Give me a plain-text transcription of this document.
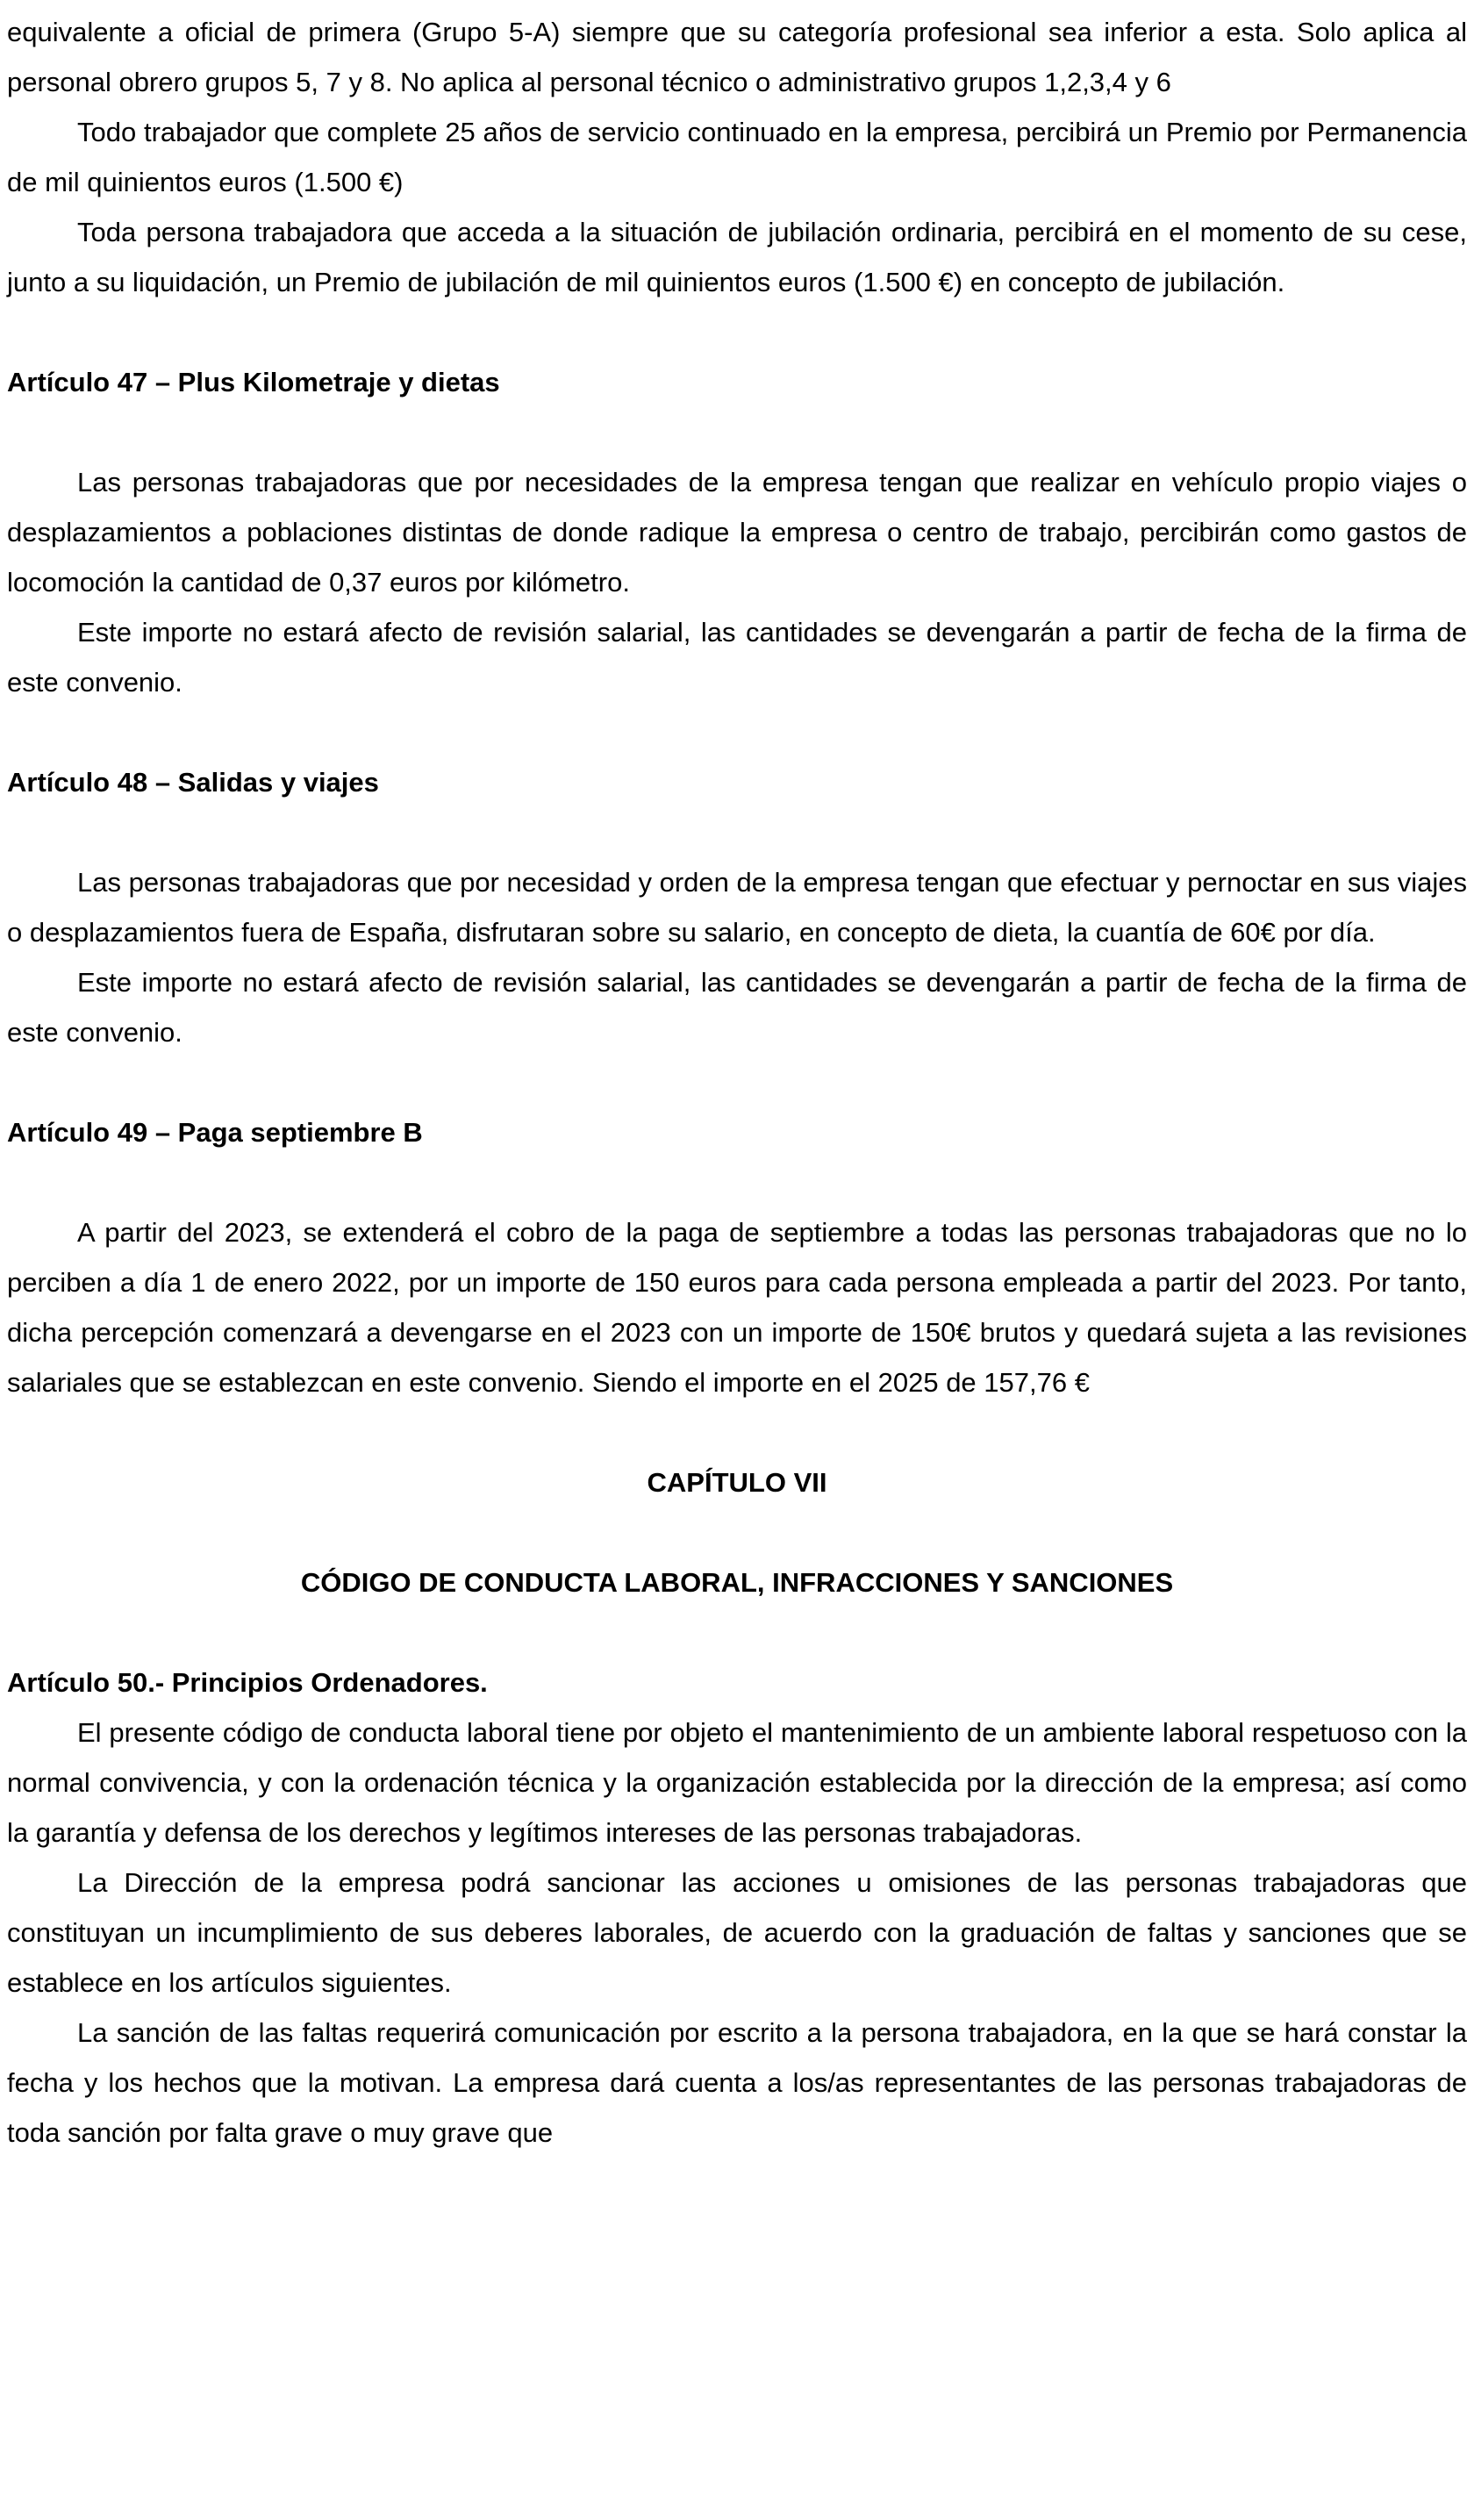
equivalente a oficial de primera (Grupo 5-A) siempre que su categoría profesional sea inferior a esta. Solo aplica al personal obrero grupos 5, 7 y 8. No aplica al personal técnico o administrativo grupos 1,2,3,4 y 6

Todo trabajador que complete 25 años de servicio continuado en la empresa, percibirá un Premio por Permanencia de mil quinientos euros (1.500 €)

Toda persona trabajadora que acceda a la situación de jubilación ordinaria, percibirá en el momento de su cese, junto a su liquidación, un Premio de jubilación de mil quinientos euros (1.500 €) en concepto de jubilación.

Artículo 47 – Plus Kilometraje y dietas

Las personas trabajadoras que por necesidades de la empresa tengan que realizar en vehículo propio viajes o desplazamientos a poblaciones distintas de donde radique la empresa o centro de trabajo, percibirán como gastos de locomoción la cantidad de 0,37 euros por kilómetro.

Este importe no estará afecto de revisión salarial, las cantidades se devengarán a partir de fecha de la firma de este convenio.

Artículo 48 – Salidas y viajes

Las personas trabajadoras que por necesidad y orden de la empresa tengan que efectuar y pernoctar en sus viajes o desplazamientos fuera de España, disfrutaran sobre su salario, en concepto de dieta, la cuantía de 60€ por día.

Este importe no estará afecto de revisión salarial, las cantidades se devengarán a partir de fecha de la firma de este convenio.

Artículo 49 – Paga septiembre B

A partir del 2023, se extenderá el cobro de la paga de septiembre a todas las personas trabajadoras que no lo perciben a día 1 de enero 2022, por un importe de 150 euros para cada persona empleada a partir del 2023. Por tanto, dicha percepción comenzará a devengarse en el 2023 con un importe de 150€ brutos y quedará sujeta a las revisiones salariales que se establezcan en este convenio. Siendo el importe en el 2025 de 157,76 €

CAPÍTULO VII

CÓDIGO DE CONDUCTA LABORAL, INFRACCIONES Y SANCIONES

Artículo 50.- Principios Ordenadores.

El presente código de conducta laboral tiene por objeto el mantenimiento de un ambiente laboral respetuoso con la normal convivencia, y con la ordenación técnica y la organización establecida por la dirección de la empresa; así como la garantía y defensa de los derechos y legítimos intereses de las personas trabajadoras.

La Dirección de la empresa podrá sancionar las acciones u omisiones de las personas trabajadoras que constituyan un incumplimiento de sus deberes laborales, de acuerdo con la graduación de faltas y sanciones que se establece en los artículos siguientes.

La sanción de las faltas requerirá comunicación por escrito a la persona trabajadora, en la que se hará constar la fecha y los hechos que la motivan. La empresa dará cuenta a los/as representantes de las personas trabajadoras de toda sanción por falta grave o muy grave que
